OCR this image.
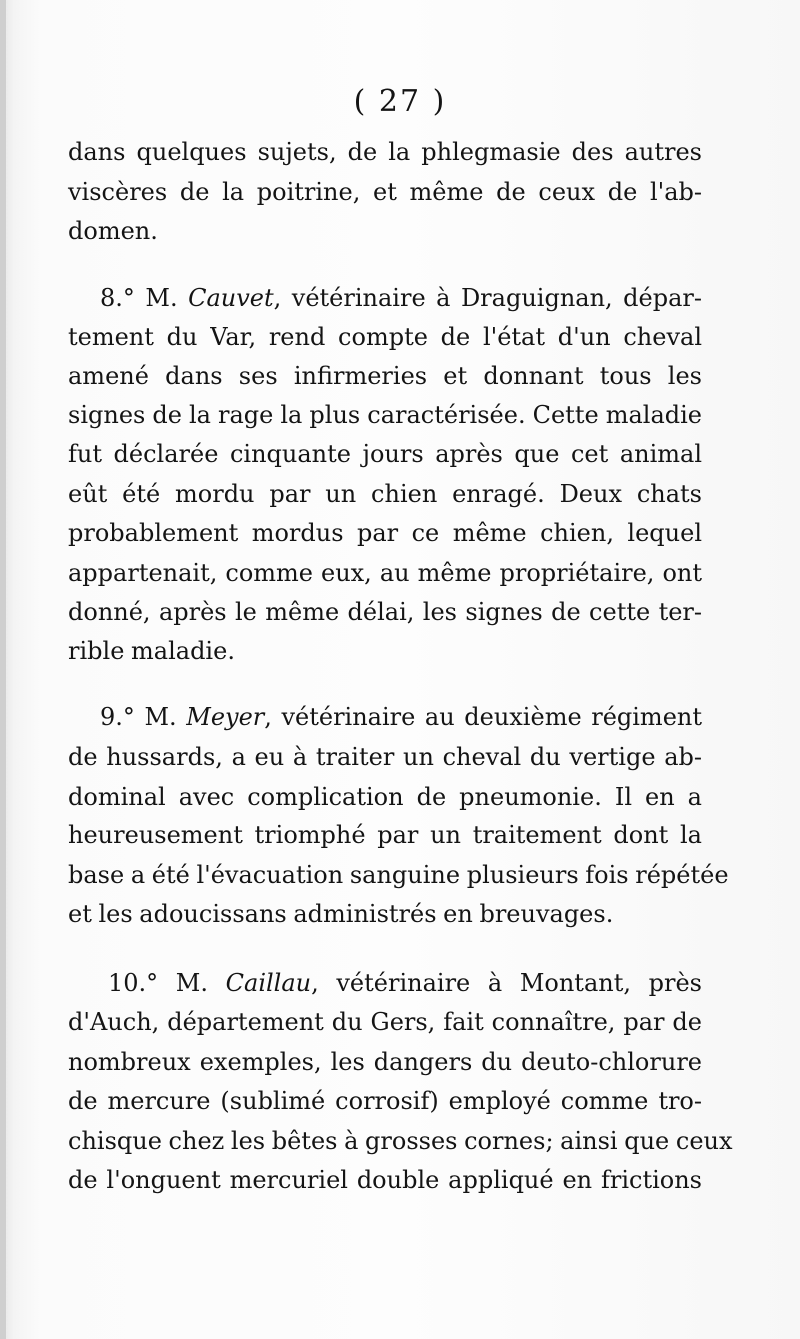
( 27 )

dans quelques sujets, de la phlegmasie des autres

viscères de la poitrine, et même de ceux de l'ab-

domen.

8.° M. Cauvet, vétérinaire à Draguignan, dépar-

tement du Var, rend compte de l'état d'un cheval

amené dans ses infirmeries et donnant tous les

signes de la rage la plus caractérisée. Cette maladie

fut déclarée cinquante jours après que cet animal

eût été mordu par un chien enragé. Deux chats

probablement mordus par ce même chien, lequel

appartenait, comme eux, au même propriétaire, ont

donné, après le même délai, les signes de cette ter-

rible maladie.

9.° M. Meyer, vétérinaire au deuxième régiment

de hussards, a eu à traiter un cheval du vertige ab-

dominal avec complication de pneumonie. Il en a

heureusement triomphé par un traitement dont la

base a été l'évacuation sanguine plusieurs fois répétée

et les adoucissans administrés en breuvages.

10.° M. Caillau, vétérinaire à Montant, près

d'Auch, département du Gers, fait connaître, par de

nombreux exemples, les dangers du deuto-chlorure

de mercure (sublimé corrosif) employé comme tro-

chisque chez les bêtes à grosses cornes; ainsi que ceux

de l'onguent mercuriel double appliqué en frictions
